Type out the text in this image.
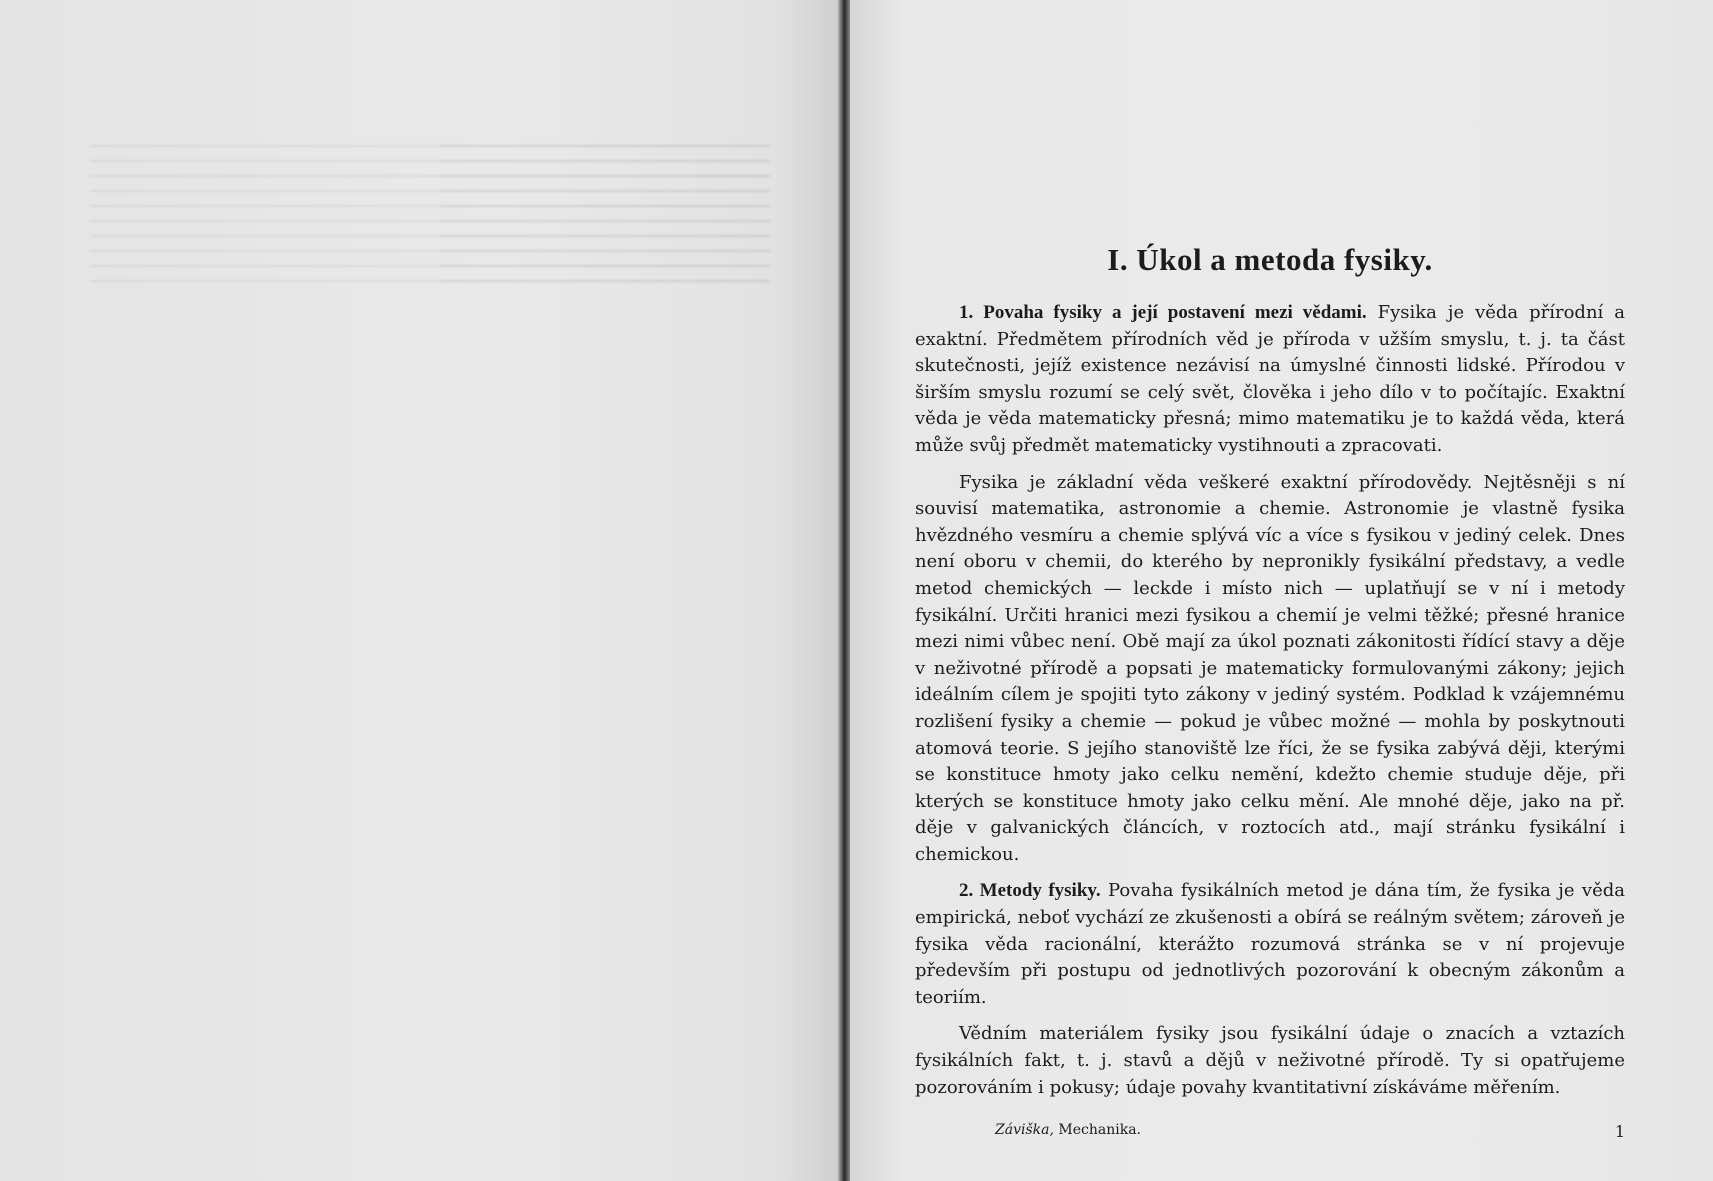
I. Úkol a metoda fysiky.

1. Povaha fysiky a její postavení mezi vědami. Fysika je věda přírodní a exaktní. Předmětem přírodních věd je příroda v užším smyslu, t. j. ta část skutečnosti, jejíž existence nezávisí na úmyslné činnosti lidské. Přírodou v širším smyslu rozumí se celý svět, člověka i jeho dílo v to počítajíc. Exaktní věda je věda matematicky přesná; mimo matematiku je to každá věda, která může svůj předmět matematicky vystihnouti a zpracovati.

Fysika je základní věda veškeré exaktní přírodovědy. Nejtěsněji s ní souvisí matematika, astronomie a chemie. Astronomie je vlastně fysika hvězdného vesmíru a chemie splývá víc a více s fysikou v jediný celek. Dnes není oboru v chemii, do kterého by nepronikly fysikální představy, a vedle metod chemických — leckde i místo nich — uplatňují se v ní i metody fysikální. Určiti hranici mezi fysikou a chemií je velmi těžké; přesné hranice mezi nimi vůbec není. Obě mají za úkol poznati zákonitosti řídící stavy a děje v neživotné přírodě a popsati je matematicky formulovanými zákony; jejich ideálním cílem je spojiti tyto zákony v jediný systém. Podklad k vzájemnému rozlišení fysiky a chemie — pokud je vůbec možné — mohla by poskytnouti atomová teorie. S jejího stanoviště lze říci, že se fysika zabývá ději, kterými se konstituce hmoty jako celku nemění, kdežto chemie studuje děje, při kterých se konstituce hmoty jako celku mění. Ale mnohé děje, jako na př. děje v galvanických článcích, v roztocích atd., mají stránku fysikální i chemickou.

2. Metody fysiky. Povaha fysikálních metod je dána tím, že fysika je věda empirická, neboť vychází ze zkušenosti a obírá se reálným světem; zároveň je fysika věda racionální, kterážto rozumová stránka se v ní projevuje především při postupu od jednotlivých pozorování k obecným zákonům a teoriím.

Vědním materiálem fysiky jsou fysikální údaje o znacích a vztazích fysikálních fakt, t. j. stavů a dějů v neživotné přírodě. Ty si opatřujeme pozorováním i pokusy; údaje povahy kvantitativní získáváme měřením.

Záviška, Mechanika.	1
